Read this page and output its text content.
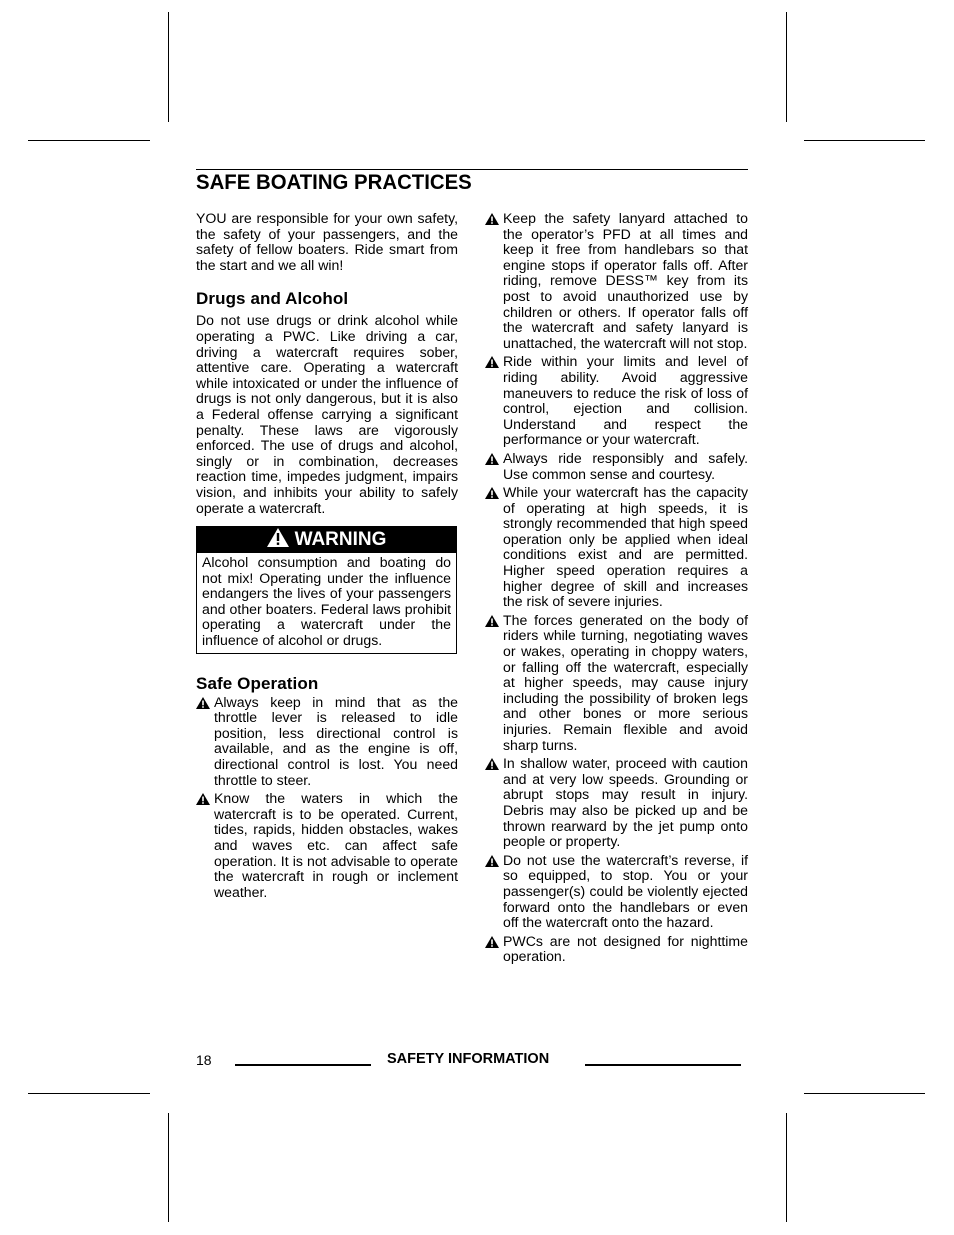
SAFE BOATING PRACTICES

YOU are responsible for your own safety, the safety of your passengers, and the safety of fellow boaters. Ride smart from the start and we all win!

Drugs and Alcohol

Do not use drugs or drink alcohol while operating a PWC. Like driving a car, driving a watercraft requires sober, attentive care. Operating a watercraft while intoxicated or under the influence of drugs is not only dangerous, but it is also a Federal offense carrying a significant penalty. These laws are vigorously enforced. The use of drugs and alcohol, singly or in combination, decreases reaction time, impedes judgment, impairs vision, and inhibits your ability to safely operate a watercraft.

WARNING
Alcohol consumption and boating do not mix! Operating under the influence endangers the lives of your passengers and other boaters. Federal laws prohibit operating a watercraft under the influence of alcohol or drugs.
Safe Operation
Always keep in mind that as the throttle lever is released to idle position, less directional control is available, and as the engine is off, directional control is lost. You need throttle to steer.
Know the waters in which the watercraft is to be operated. Current, tides, rapids, hidden obstacles, wakes and waves etc. can affect safe operation. It is not advisable to operate the watercraft in rough or inclement weather.
Keep the safety lanyard attached to the operator’s PFD at all times and keep it free from handlebars so that engine stops if operator falls off. After riding, remove DESS™ key from its post to avoid unauthorized use by children or others. If operator falls off the watercraft and safety lanyard is unattached, the watercraft will not stop.
Ride within your limits and level of riding ability. Avoid aggressive maneuvers to reduce the risk of loss of control, ejection and collision. Understand and respect the performance or your watercraft.
Always ride responsibly and safely. Use common sense and courtesy.
While your watercraft has the capacity of operating at high speeds, it is strongly recommended that high speed operation only be applied when ideal conditions exist and are permitted. Higher speed operation requires a higher degree of skill and increases the risk of severe injuries.
The forces generated on the body of riders while turning, negotiating waves or wakes, operating in choppy waters, or falling off the watercraft, especially at higher speeds, may cause injury including the possibility of broken legs and other bones or more serious injuries. Remain flexible and avoid sharp turns.
In shallow water, proceed with caution and at very low speeds. Grounding or abrupt stops may result in injury. Debris may also be picked up and be thrown rearward by the jet pump onto people or property.
Do not use the watercraft’s reverse, if so equipped, to stop. You or your passenger(s) could be violently ejected forward onto the handlebars or even off the watercraft onto the hazard.
PWCs are not designed for nighttime operation.
18	SAFETY INFORMATION
